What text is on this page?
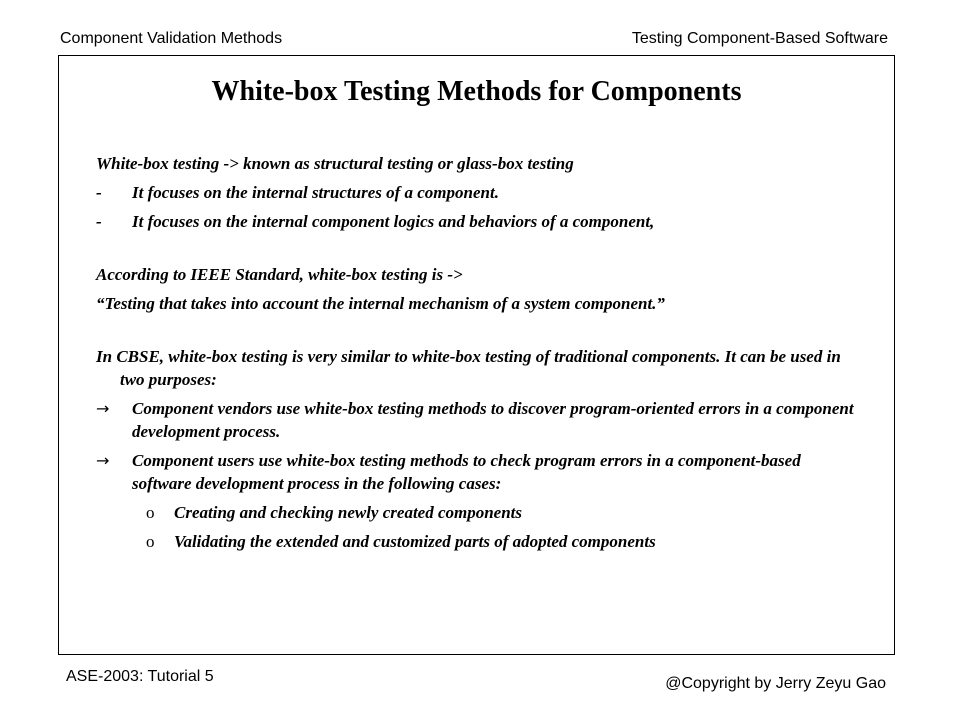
Component Validation Methods	Testing Component-Based Software
White-box Testing Methods for Components
White-box testing -> known as structural testing or glass-box testing
-	It focuses on the internal structures of a component.
-	It focuses on the internal component logics and behaviors of a component,
According to IEEE Standard, white-box testing is ->
“Testing that takes into account the internal mechanism of a system component.”
In CBSE, white-box testing is very similar to white-box testing of traditional components. It can be used in two purposes:
→	Component vendors use white-box testing methods to discover program-oriented errors in a component development process.
→	Component users use white-box testing methods to check program errors in a component-based software development process in the following cases:
o	Creating and checking newly created components
o	Validating the extended and customized parts of adopted components
ASE-2003: Tutorial 5	@Copyright by Jerry Zeyu Gao
